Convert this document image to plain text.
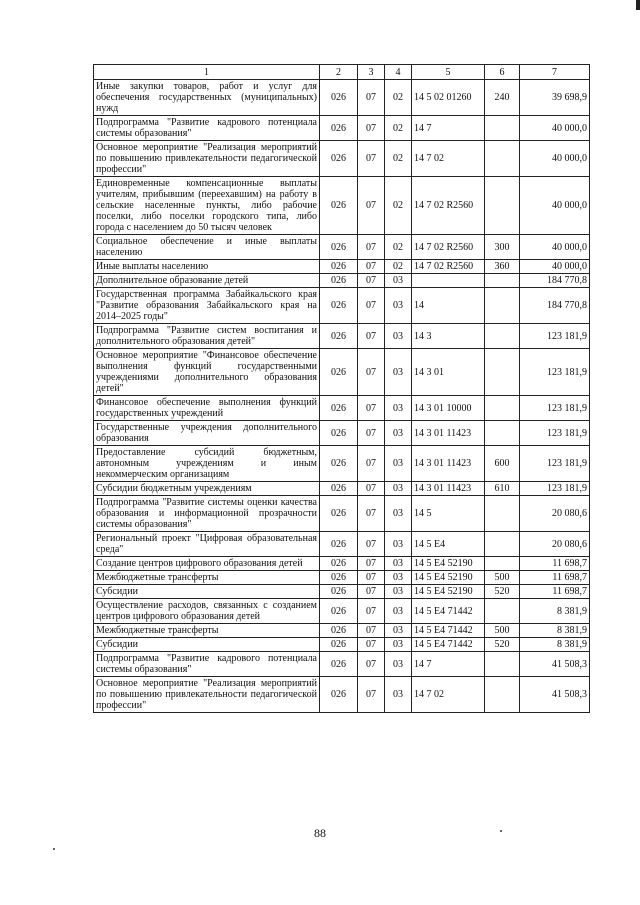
1	2	3	4	5	6	7
Иные закупки товаров, работ и услуг для обеспечения государственных (муниципальных) нужд	026	07	02	14 5 02 01260	240	39 698,9
Подпрограмма "Развитие кадрового потенциала системы образования"	026	07	02	14 7		40 000,0
Основное мероприятие "Реализация мероприятий по повышению привлекательности педагогической профессии"	026	07	02	14 7 02		40 000,0
Единовременные компенсационные выплаты учителям, прибывшим (переехавшим) на работу в сельские населенные пункты, либо рабочие поселки, либо поселки городского типа, либо города с населением до 50 тысяч человек	026	07	02	14 7 02 R2560		40 000,0
Социальное обеспечение и иные выплаты населению	026	07	02	14 7 02 R2560	300	40 000,0
Иные выплаты населению	026	07	02	14 7 02 R2560	360	40 000,0
Дополнительное образование детей	026	07	03			184 770,8
Государственная программа Забайкальского края "Развитие образования Забайкальского края на 2014–2025 годы"	026	07	03	14		184 770,8
Подпрограмма "Развитие систем воспитания и дополнительного образования детей"	026	07	03	14 3		123 181,9
Основное мероприятие "Финансовое обеспечение выполнения функций государственными учреждениями дополнительного образования детей"	026	07	03	14 3 01		123 181,9
Финансовое обеспечение выполнения функций государственных учреждений	026	07	03	14 3 01 10000		123 181,9
Государственные учреждения дополнительного образования	026	07	03	14 3 01 11423		123 181,9
Предоставление субсидий бюджетным, автономным учреждениям и иным некоммерческим организациям	026	07	03	14 3 01 11423	600	123 181,9
Субсидии бюджетным учреждениям	026	07	03	14 3 01 11423	610	123 181,9
Подпрограмма "Развитие системы оценки качества образования и информационной прозрачности системы образования"	026	07	03	14 5		20 080,6
Региональный проект "Цифровая образовательная среда"	026	07	03	14 5 E4		20 080,6
Создание центров цифрового образования детей	026	07	03	14 5 E4 52190		11 698,7
Межбюджетные трансферты	026	07	03	14 5 E4 52190	500	11 698,7
Субсидии	026	07	03	14 5 E4 52190	520	11 698,7
Осуществление расходов, связанных с созданием центров цифрового образования детей	026	07	03	14 5 E4 71442		8 381,9
Межбюджетные трансферты	026	07	03	14 5 E4 71442	500	8 381,9
Субсидии	026	07	03	14 5 E4 71442	520	8 381,9
Подпрограмма "Развитие кадрового потенциала системы образования"	026	07	03	14 7		41 508,3
Основное мероприятие "Реализация мероприятий по повышению привлекательности педагогической профессии"	026	07	03	14 7 02		41 508,3
88
